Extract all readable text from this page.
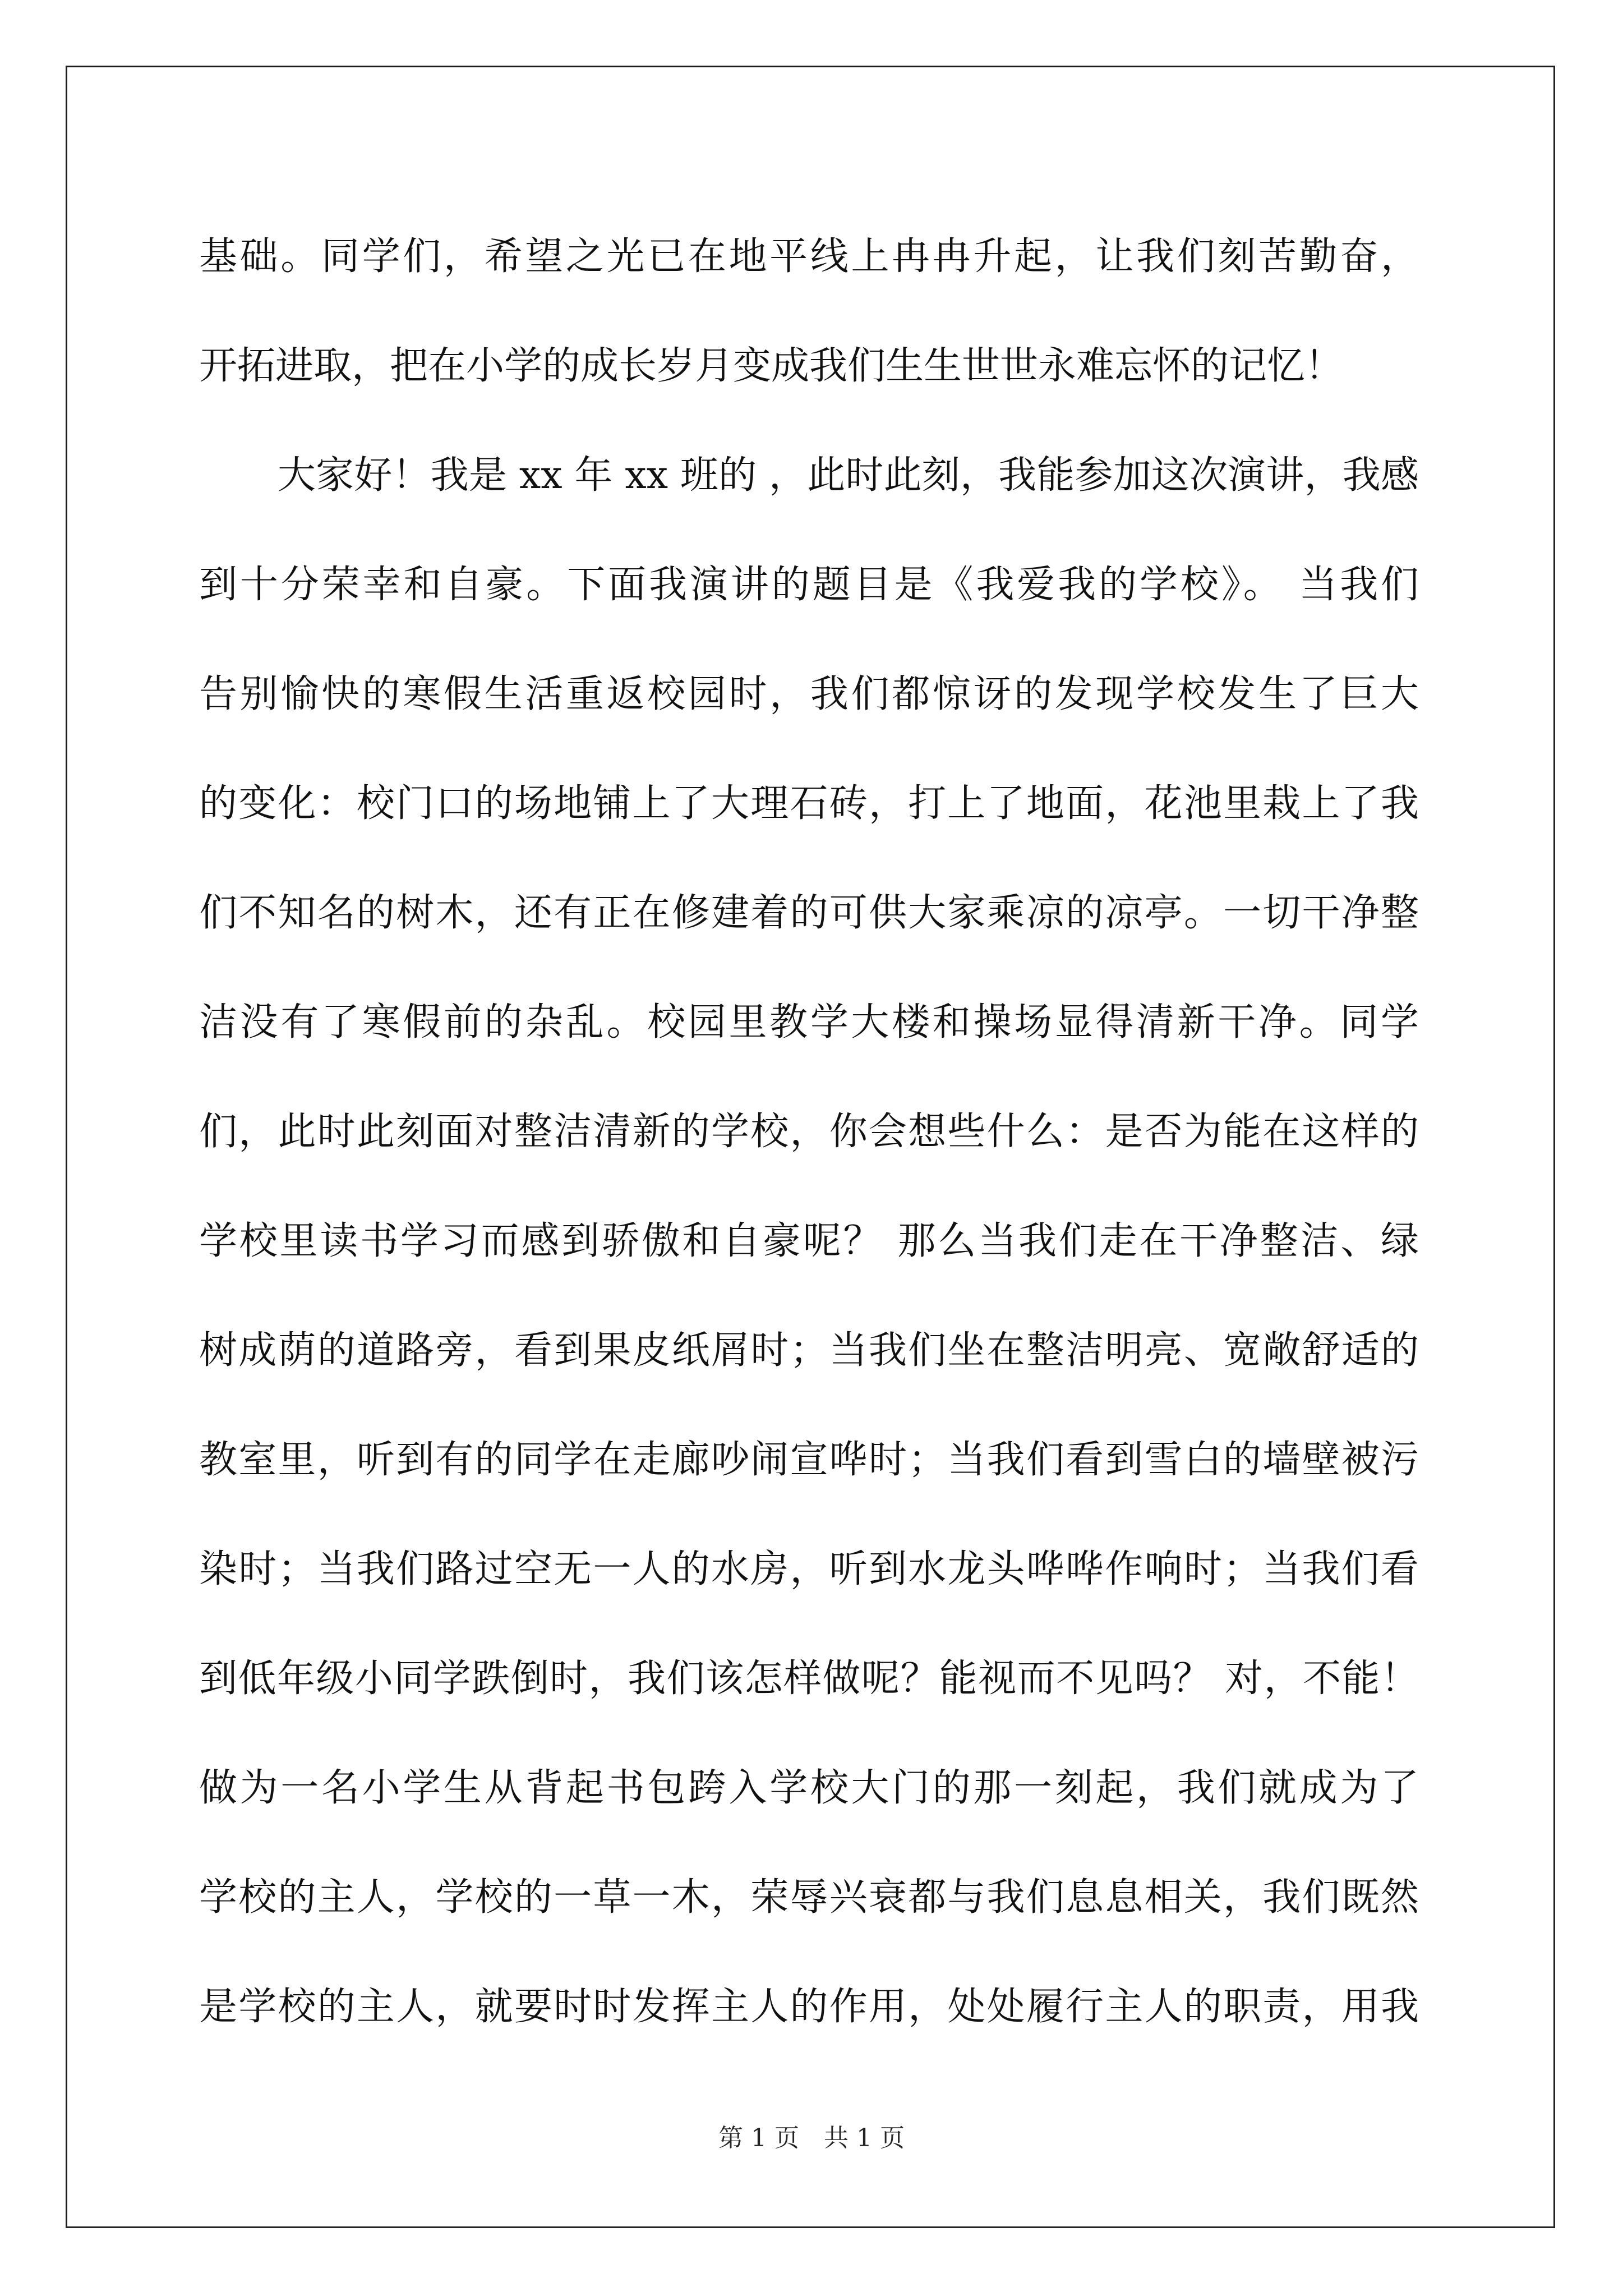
基础。同学们，希望之光已在地平线上冉冉升起，让我们刻苦勤奋，
开拓进取，把在小学的成长岁月变成我们生生世世永难忘怀的记忆！
大家好！我是 xx 年 xx 班的 ，此时此刻，我能参加这次演讲，我感
到十分荣幸和自豪。下面我演讲的题目是《我爱我的学校》。 当我们
告别愉快的寒假生活重返校园时，我们都惊讶的发现学校发生了巨大
的变化：校门口的场地铺上了大理石砖，打上了地面，花池里栽上了我
们不知名的树木，还有正在修建着的可供大家乘凉的凉亭。一切干净整
洁没有了寒假前的杂乱。校园里教学大楼和操场显得清新干净。同学
们，此时此刻面对整洁清新的学校，你会想些什么：是否为能在这样的
学校里读书学习而感到骄傲和自豪呢？ 那么当我们走在干净整洁、绿
树成荫的道路旁，看到果皮纸屑时；当我们坐在整洁明亮、宽敞舒适的
教室里，听到有的同学在走廊吵闹宣哗时；当我们看到雪白的墙壁被污
染时；当我们路过空无一人的水房，听到水龙头哗哗作响时；当我们看
到低年级小同学跌倒时，我们该怎样做呢？能视而不见吗？ 对，不能！
做为一名小学生从背起书包跨入学校大门的那一刻起，我们就成为了
学校的主人，学校的一草一木，荣辱兴衰都与我们息息相关，我们既然
是学校的主人，就要时时发挥主人的作用，处处履行主人的职责，用我
第 1 页　共 1 页
